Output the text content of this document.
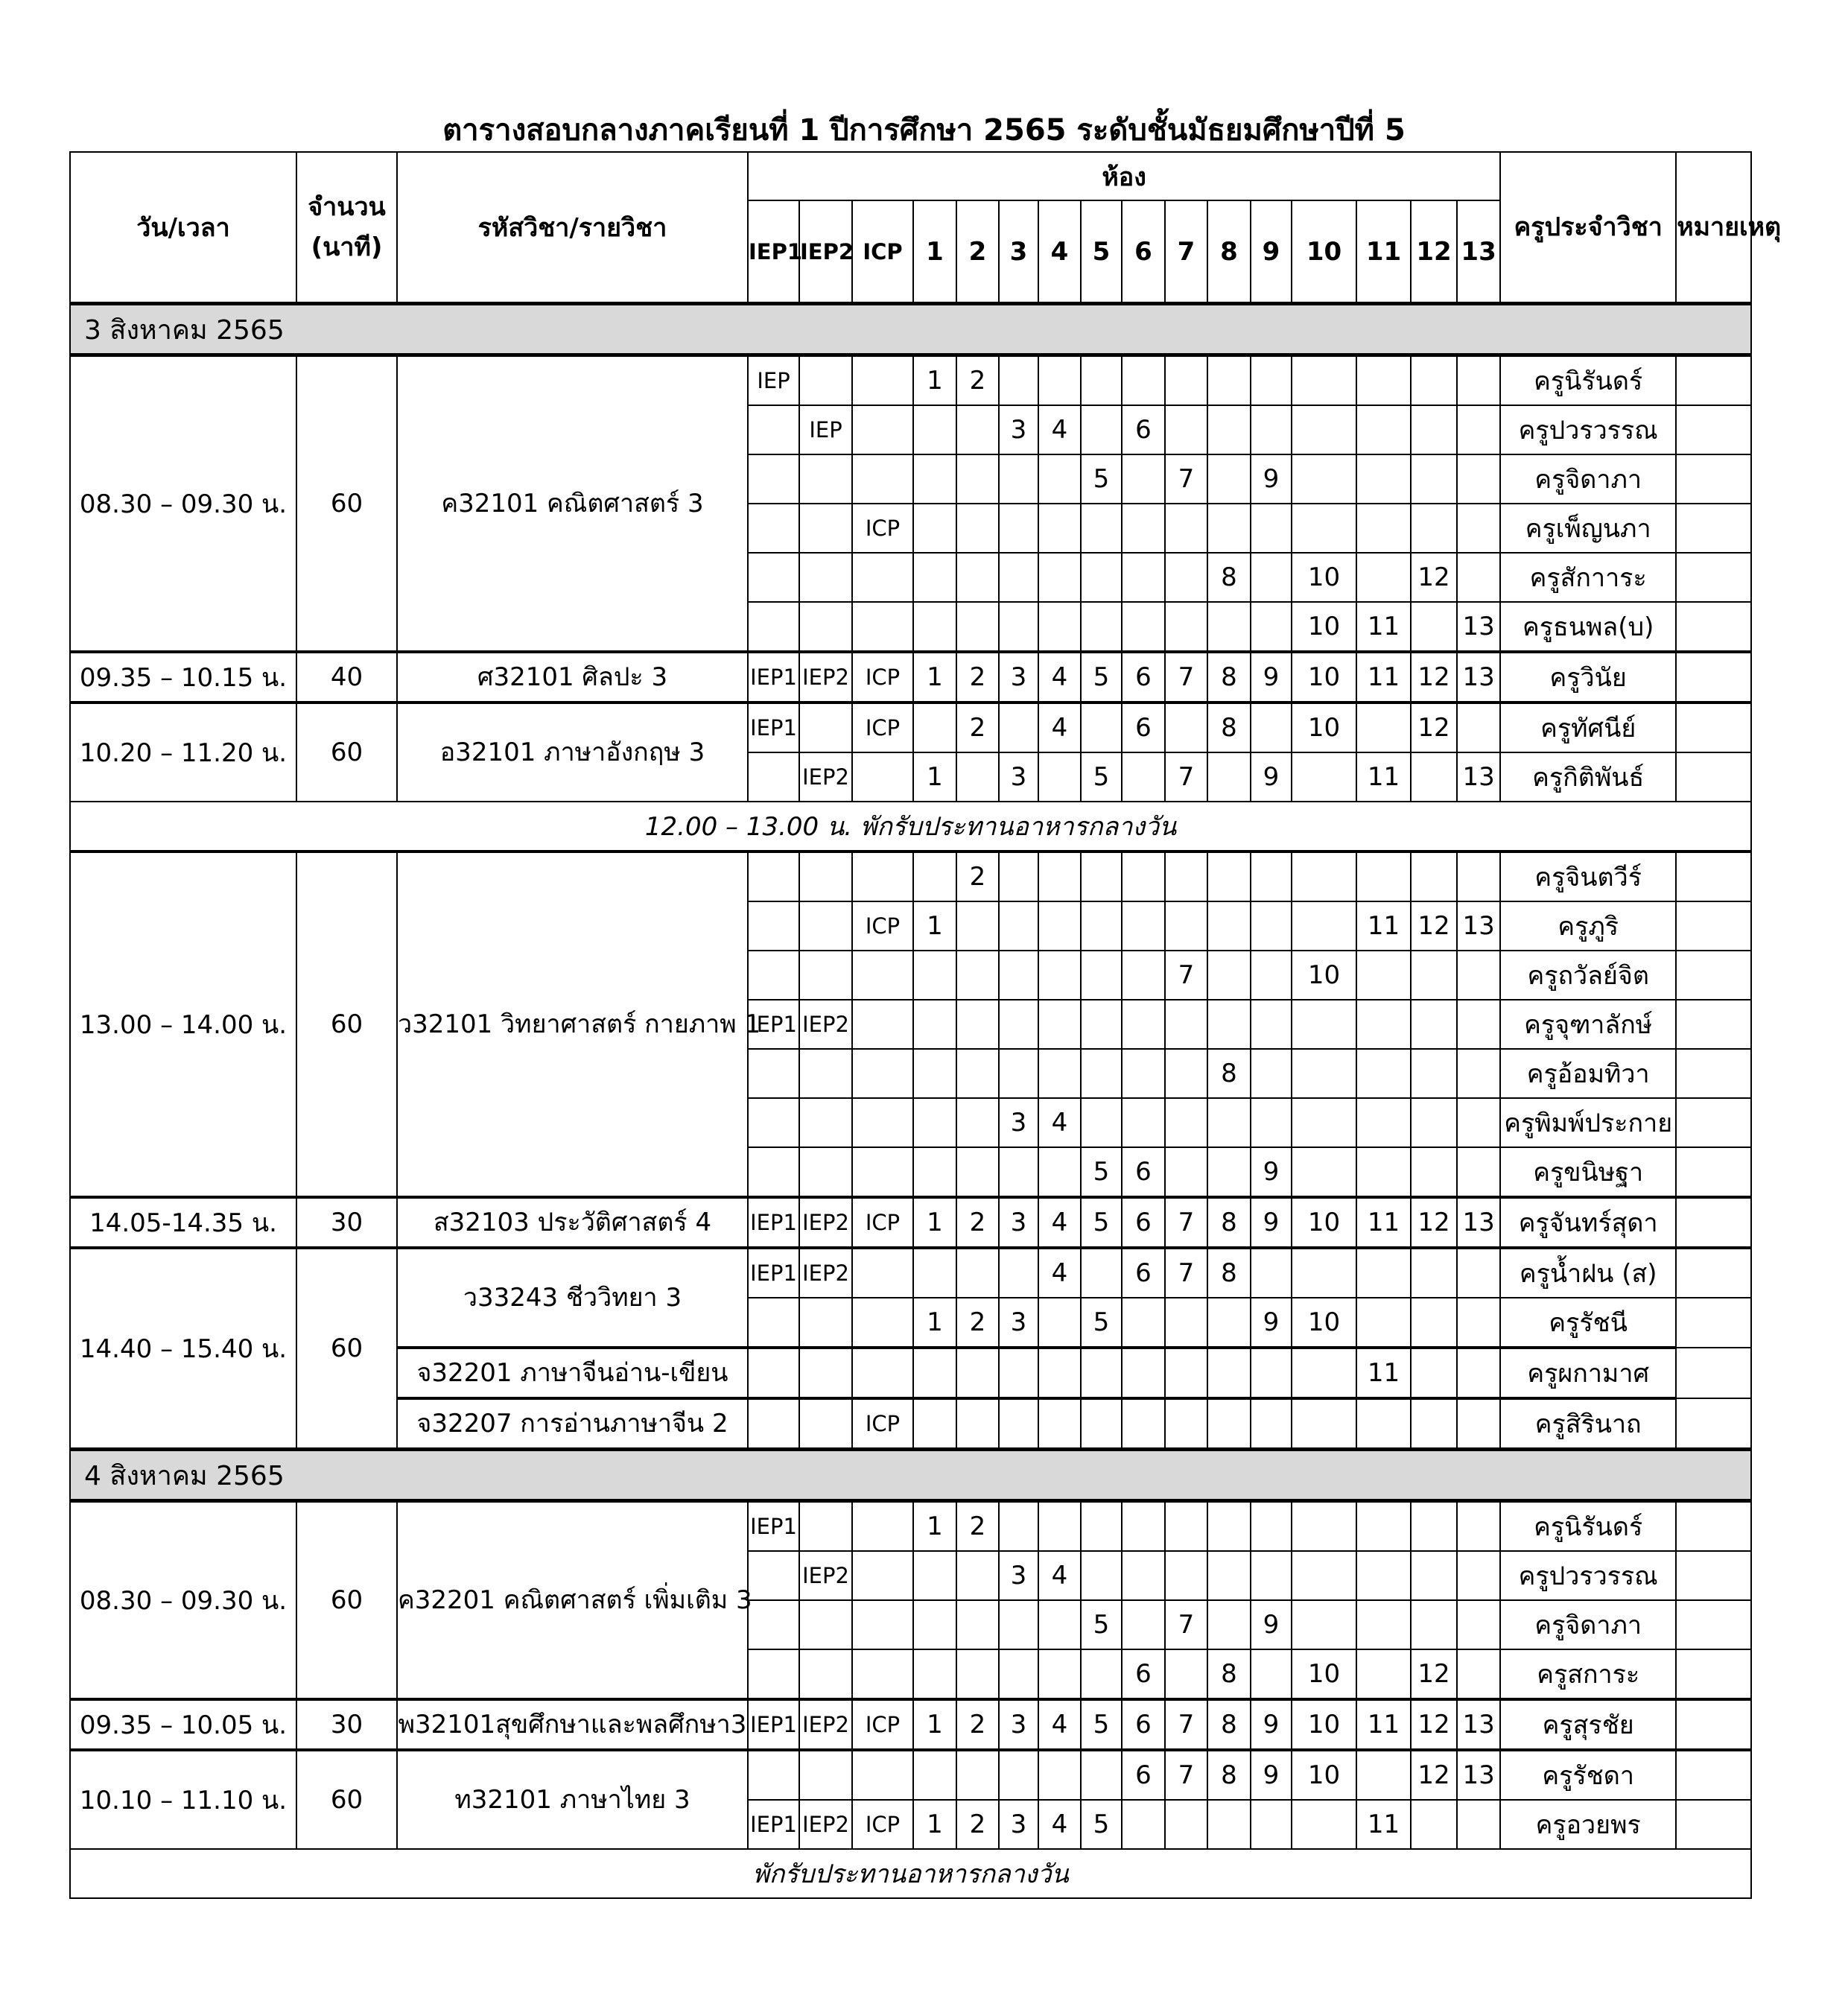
ตารางสอบกลางภาคเรียนที่ 1 ปีการศึกษา 2565 ระดับชั้นมัธยมศึกษาปีที่ 5
วัน/เวลา	จำนวน (นาที)	รหัสวิชา/รายวิชา	ห้อง																ครูประจำวิชา	หมายเหตุ
			IEP1	IEP2	ICP	1	2	3	4	5	6	7	8	9	10	11	12	13		
3 สิงหาคม 2565																				
08.30 – 09.30 น.	60	ค32101 คณิตศาสตร์ 3	IEP			1	2												ครูนิรันดร์	
				IEP				3	4		6								ครูปวรวรรณ	
										5		7		9					ครูจิดาภา	
					ICP														ครูเพ็ญนภา	
													8		10		12		ครูสักาาระ	
															10	11		13	ครูธนพล(บ)	
09.35 – 10.15 น.	40	ศ32101 ศิลปะ 3	IEP1	IEP2	ICP	1	2	3	4	5	6	7	8	9	10	11	12	13	ครูวินัย	
10.20 – 11.20 น.	60	อ32101 ภาษาอังกฤษ 3	IEP1		ICP		2		4		6		8		10		12		ครูทัศนีย์	
				IEP2		1		3		5		7		9		11		13	ครูกิติพันธ์	
12.00 – 13.00 น. พักรับประทานอาหารกลางวัน																				
13.00 – 14.00 น.	60	ว32101 วิทยาศาสตร์ กายภาพ 1					2												ครูจินตวีร์	
					ICP	1										11	12	13	ครูภูริ	
												7			10				ครูถวัลย์จิต	
			IEP1	IEP2															ครูจุฑาลักษ์	
													8						ครูอ้อมทิวา	
								3	4										ครูพิมพ์ประกาย	
										5	6			9					ครูขนิษฐา	
14.05-14.35 น.	30	ส32103 ประวัติศาสตร์ 4	IEP1	IEP2	ICP	1	2	3	4	5	6	7	8	9	10	11	12	13	ครูจันทร์สุดา	
14.40 – 15.40 น.	60	ว33243 ชีววิทยา 3	IEP1	IEP2					4		6	7	8						ครูน้ำฝน (ส)	
						1	2	3		5				9	10				ครูรัชนี	
		จ32201 ภาษาจีนอ่าน-เขียน														11			ครูผกามาศ	
		จ32207 การอ่านภาษาจีน 2			ICP														ครูสิรินาถ	
4 สิงหาคม 2565																				
08.30 – 09.30 น.	60	ค32201 คณิตศาสตร์ เพิ่มเติม 3	IEP1			1	2												ครูนิรันดร์	
				IEP2				3	4										ครูปวรวรรณ	
										5		7		9					ครูจิดาภา	
											6		8		10		12		ครูสการะ	
09.35 – 10.05 น.	30	พ32101สุขศึกษาและพลศึกษา3	IEP1	IEP2	ICP	1	2	3	4	5	6	7	8	9	10	11	12	13	ครูสุรชัย	
10.10 – 11.10 น.	60	ท32101 ภาษาไทย 3									6	7	8	9	10		12	13	ครูรัชดา	
			IEP1	IEP2	ICP	1	2	3	4	5						11			ครูอวยพร	
พักรับประทานอาหารกลางวัน																				
